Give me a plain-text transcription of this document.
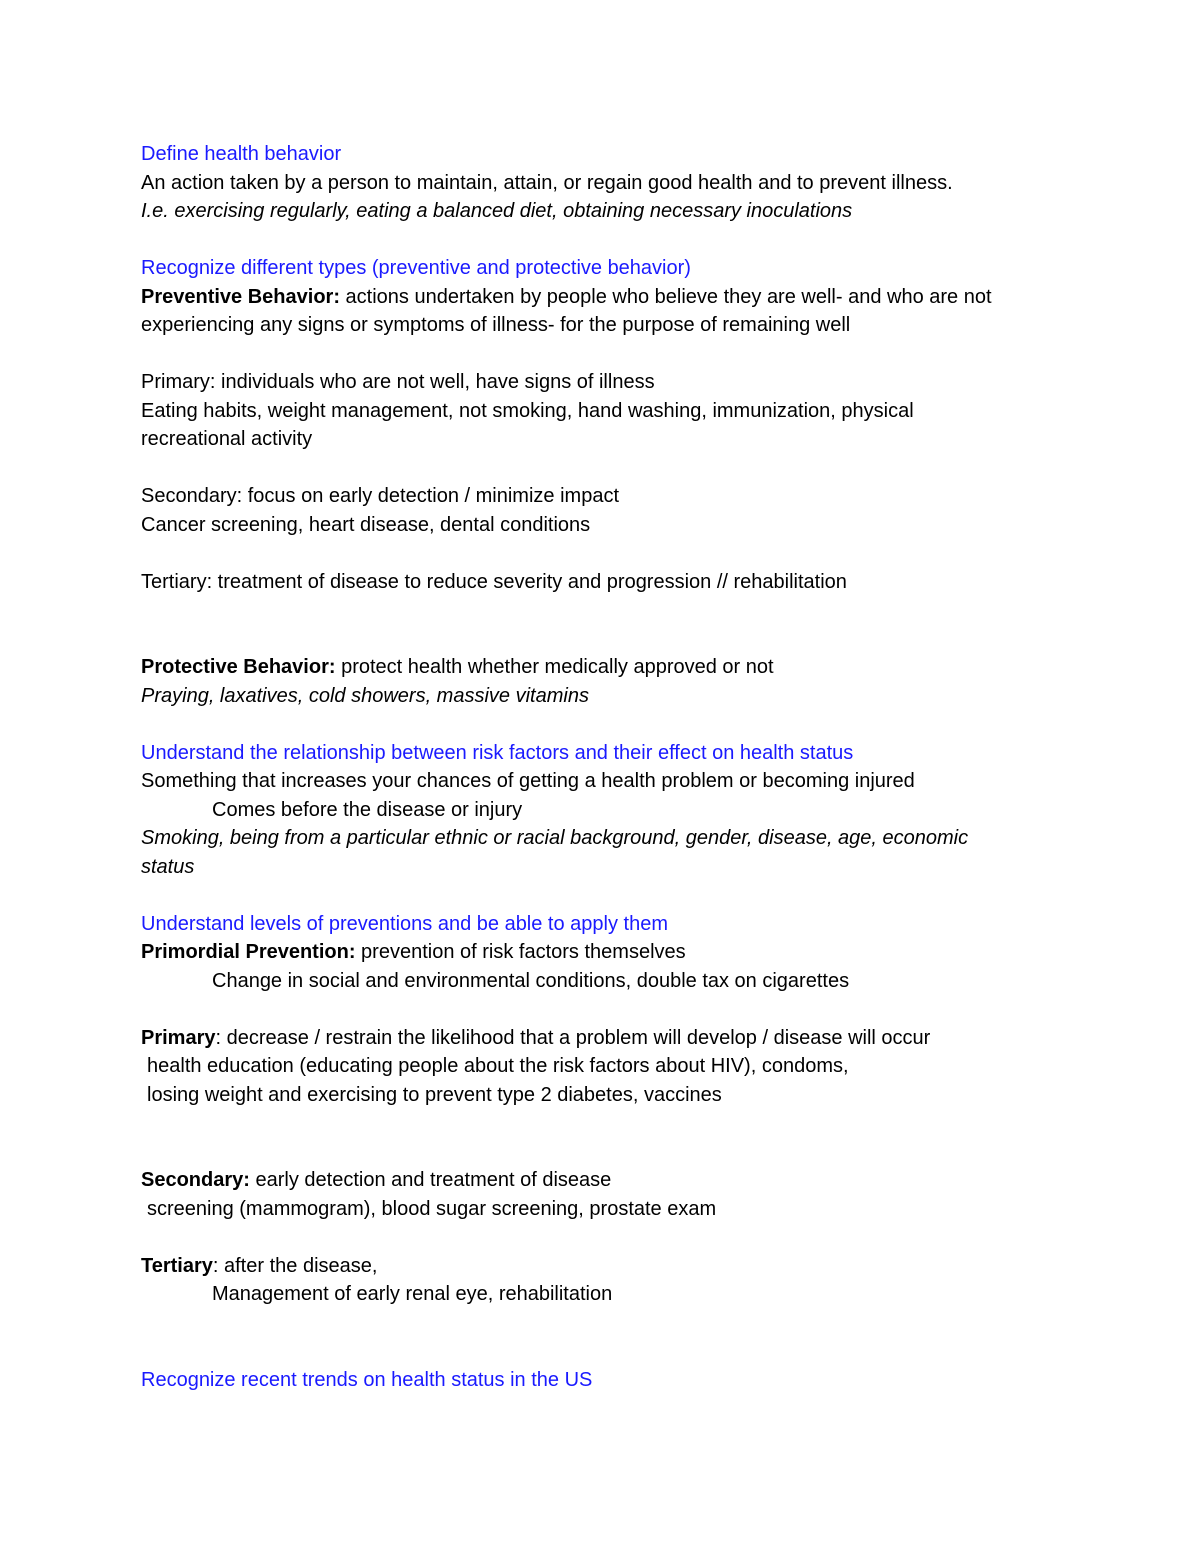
Define health behavior
An action taken by a person to maintain, attain, or regain good health and to prevent illness.
I.e. exercising regularly, eating a balanced diet, obtaining necessary inoculations
Recognize different types (preventive and protective behavior)
Preventive Behavior: actions undertaken by people who believe they are well- and who are not
experiencing any signs or symptoms of illness- for the purpose of remaining well
Primary: individuals who are not well, have signs of illness
Eating habits, weight management, not smoking, hand washing, immunization, physical
recreational activity
Secondary: focus on early detection / minimize impact
Cancer screening, heart disease, dental conditions
Tertiary: treatment of disease to reduce severity and progression // rehabilitation
Protective Behavior: protect health whether medically approved or not
Praying, laxatives, cold showers, massive vitamins
Understand the relationship between risk factors and their effect on health status
Something that increases your chances of getting a health problem or becoming injured
Comes before the disease or injury
Smoking, being from a particular ethnic or racial background, gender, disease, age, economic
status
Understand levels of preventions and be able to apply them
Primordial Prevention: prevention of risk factors themselves
Change in social and environmental conditions, double tax on cigarettes
Primary: decrease / restrain the likelihood that a problem will develop / disease will occur
health education (educating people about the risk factors about HIV), condoms,
losing weight and exercising to prevent type 2 diabetes, vaccines
Secondary: early detection and treatment of disease
screening (mammogram), blood sugar screening, prostate exam
Tertiary: after the disease,
Management of early renal eye, rehabilitation
Recognize recent trends on health status in the US
